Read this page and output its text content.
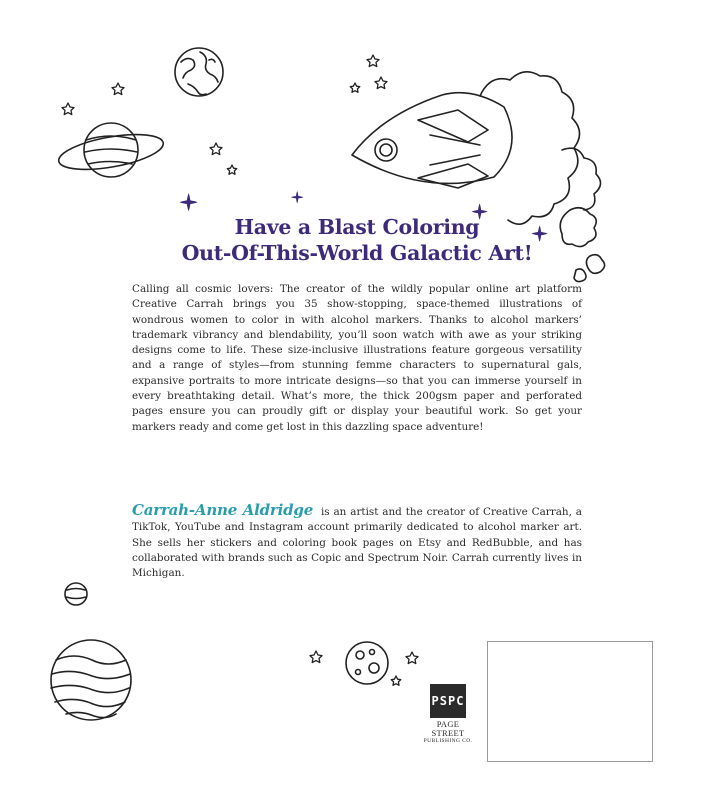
Have a Blast Coloring
Out-Of-This-World Galactic Art!

Calling all cosmic lovers: The creator of the wildly popular online art platform Creative Carrah brings you 35 show-stopping, space-themed illustrations of wondrous women to color in with alcohol markers. Thanks to alcohol markers’ trademark vibrancy and blendability, you’ll soon watch with awe as your striking designs come to life. These size-inclusive illustrations feature gorgeous versatility and a range of styles—from stunning femme characters to supernatural gals, expansive portraits to more intricate designs—so that you can immerse yourself in every breathtaking detail. What’s more, the thick 200gsm paper and perforated pages ensure you can proudly gift or display your beautiful work. So get your markers ready and come get lost in this dazzling space adventure!

Carrah-Anne Aldridge is an artist and the creator of Creative Carrah, a TikTok, YouTube and Instagram account primarily dedicated to alcohol marker art. She sells her stickers and coloring book pages on Etsy and RedBubble, and has collaborated with brands such as Copic and Spectrum Noir. Carrah currently lives in Michigan.

PSPC
PAGE STREET
PUBLISHING CO.
